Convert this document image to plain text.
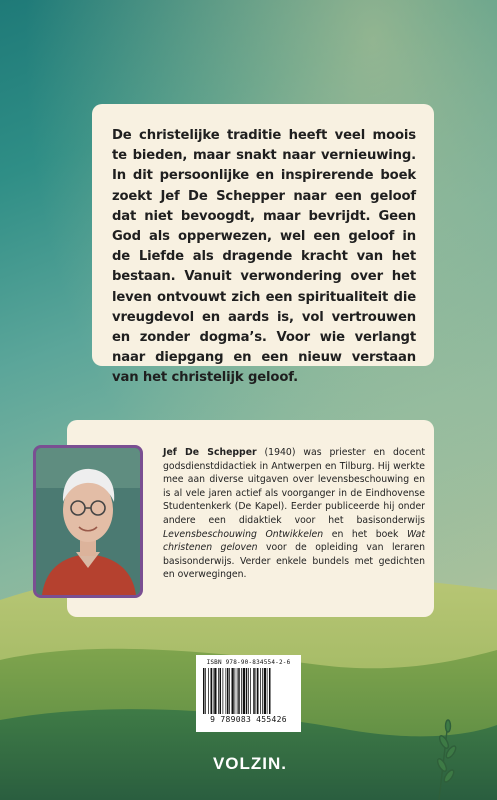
De christelijke traditie heeft veel moois te bieden, maar snakt naar vernieuwing. In dit persoonlijke en inspirerende boek zoekt Jef De Schepper naar een geloof dat niet bevoogdt, maar bevrijdt. Geen God als opperwezen, wel een geloof in de Liefde als dragende kracht van het bestaan. Vanuit verwondering over het leven ontvouwt zich een spiritualiteit die vreugdevol en aards is, vol vertrouwen en zonder dogma’s. Voor wie verlangt naar diepgang en een nieuw verstaan van het christelijk geloof.

Jef De Schepper (1940) was priester en docent godsdienstdidactiek in Antwerpen en Tilburg. Hij werkte mee aan diverse uitgaven over levensbeschouwing en is al vele jaren actief als voorganger in de Eindhovense Studentenkerk (De Kapel). Eerder publiceerde hij onder andere een didaktiek voor het basisonderwijs Levensbeschouwing Ontwikkelen en het boek Wat christenen geloven voor de opleiding van leraren basisonderwijs. Verder enkele bundels met gedichten en overwegingen.

ISBN 978-90-834554-2-6
9 789083 455426
VOLZIN.
